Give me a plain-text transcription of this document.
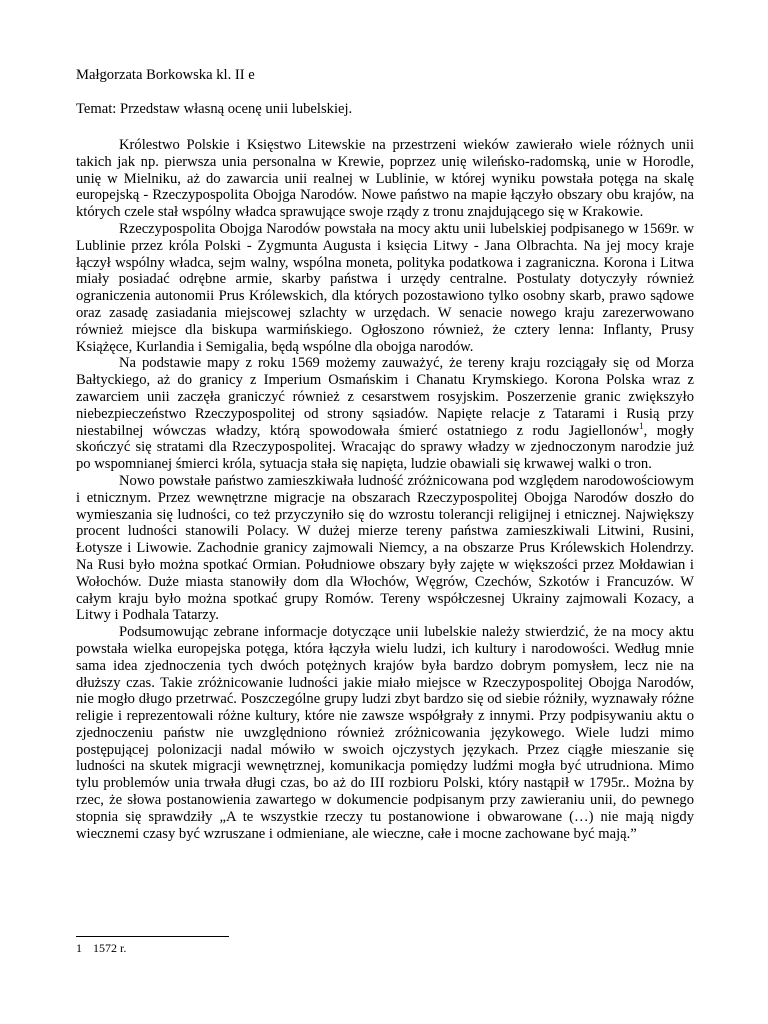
Małgorzata Borkowska kl. II e
Temat: Przedstaw własną ocenę unii lubelskiej.

Królestwo Polskie i Księstwo Litewskie na przestrzeni wieków zawierało wiele różnych unii takich jak np. pierwsza unia personalna w Krewie, poprzez unię wileńsko-radomską, unie w Horodle, unię w Mielniku, aż do zawarcia unii realnej w Lublinie, w której wyniku powstała potęga na skalę europejską - Rzeczypospolita Obojga Narodów. Nowe państwo na mapie łączyło obszary obu krajów, na których czele stał wspólny władca sprawujące swoje rządy z tronu znajdującego się w Krakowie.

Rzeczypospolita Obojga Narodów powstała na mocy aktu unii lubelskiej podpisanego w 1569r. w Lublinie przez króla Polski - Zygmunta Augusta i księcia Litwy - Jana Olbrachta. Na jej mocy kraje łączył wspólny władca, sejm walny, wspólna moneta, polityka podatkowa i zagraniczna. Korona i Litwa miały posiadać odrębne armie, skarby państwa i urzędy centralne. Postulaty dotyczyły również ograniczenia autonomii Prus Królewskich, dla których pozostawiono tylko osobny skarb, prawo sądowe oraz zasadę zasiadania miejscowej szlachty w urzędach. W senacie nowego kraju zarezerwowano również miejsce dla biskupa warmińskiego. Ogłoszono również, że cztery lenna: Inflanty, Prusy Książęce, Kurlandia i Semigalia, będą wspólne dla obojga narodów.

Na podstawie mapy z roku 1569 możemy zauważyć, że tereny kraju rozciągały się od Morza Bałtyckiego, aż do granicy z Imperium Osmańskim i Chanatu Krymskiego. Korona Polska wraz z zawarciem unii zaczęła graniczyć również z cesarstwem rosyjskim. Poszerzenie granic zwiększyło niebezpieczeństwo Rzeczypospolitej od strony sąsiadów. Napięte relacje z Tatarami i Rusią przy niestabilnej wówczas władzy, którą spowodowała śmierć ostatniego z rodu Jagiellonów$^1$, mogły skończyć się stratami dla Rzeczypospolitej. Wracając do sprawy władzy w zjednoczonym narodzie już po wspomnianej śmierci króla, sytuacja stała się napięta, ludzie obawiali się krwawej walki o tron.

Nowo powstałe państwo zamieszkiwała ludność zróżnicowana pod względem narodowościowym i etnicznym. Przez wewnętrzne migracje na obszarach Rzeczypospolitej Obojga Narodów doszło do wymieszania się ludności, co też przyczyniło się do wzrostu tolerancji religijnej i etnicznej. Największy procent ludności stanowili Polacy. W dużej mierze tereny państwa zamieszkiwali Litwini, Rusini, Łotysze i Liwowie. Zachodnie granicy zajmowali Niemcy, a na obszarze Prus Królewskich Holendrzy. Na Rusi było można spotkać Ormian. Południowe obszary były zajęte w większości przez Mołdawian i Wołochów. Duże miasta stanowiły dom dla Włochów, Węgrów, Czechów, Szkotów i Francuzów. W całym kraju było można spotkać grupy Romów. Tereny współczesnej Ukrainy zajmowali Kozacy, a Litwy i Podhala Tatarzy.

Podsumowując zebrane informacje dotyczące unii lubelskie należy stwierdzić, że na mocy aktu powstała wielka europejska potęga, która łączyła wielu ludzi, ich kultury i narodowości. Według mnie sama idea zjednoczenia tych dwóch potężnych krajów była bardzo dobrym pomysłem, lecz nie na dłuższy czas. Takie zróżnicowanie ludności jakie miało miejsce w Rzeczypospolitej Obojga Narodów, nie mogło długo przetrwać. Poszczególne grupy ludzi zbyt bardzo się od siebie różniły, wyznawały różne religie i reprezentowali różne kultury, które nie zawsze współgrały z innymi. Przy podpisywaniu aktu o zjednoczeniu państw nie uwzględniono również zróżnicowania językowego. Wiele ludzi mimo postępującej polonizacji nadal mówiło w swoich ojczystych językach. Przez ciągłe mieszanie się ludności na skutek migracji wewnętrznej, komunikacja pomiędzy ludźmi mogła być utrudniona. Mimo tylu problemów unia trwała długi czas, bo aż do III rozbioru Polski, który nastąpił w 1795r.. Można by rzec, że słowa postanowienia zawartego w dokumencie podpisanym przy zawieraniu unii, do pewnego stopnia się sprawdziły „A te wszystkie rzeczy tu postanowione i obwarowane (…) nie mają nigdy wiecznemi czasy być wzruszane i odmieniane, ale wieczne, całe i mocne zachowane być mają.”

1 1572 r.
